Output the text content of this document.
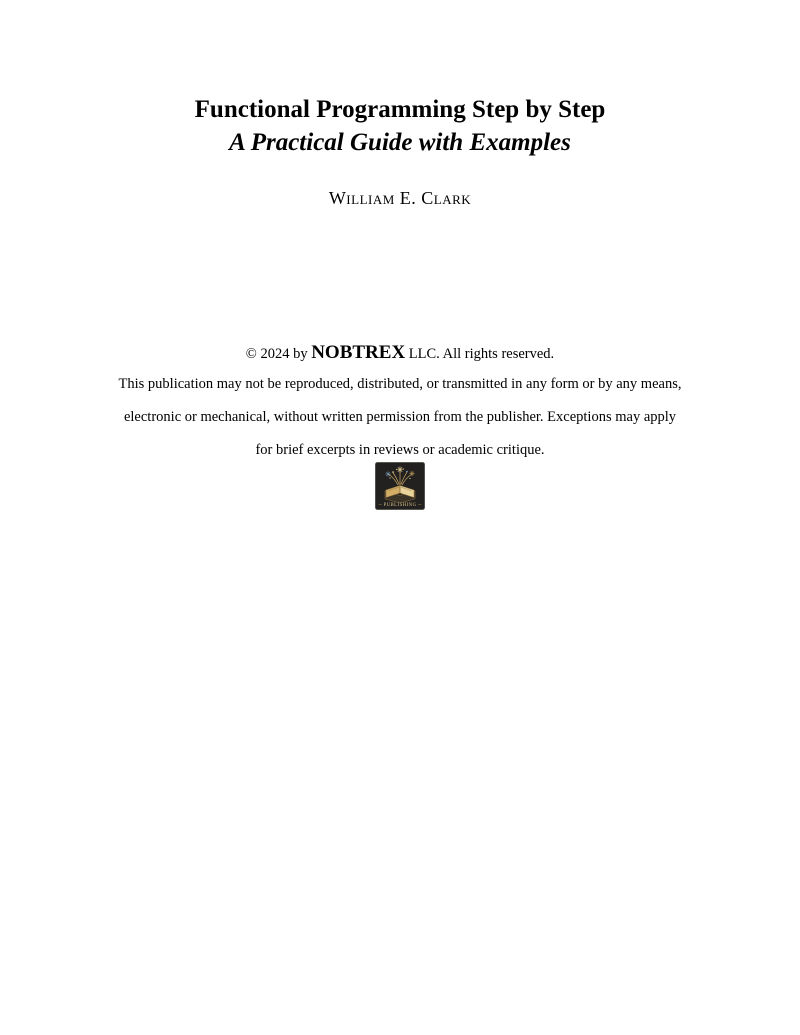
Functional Programming Step by Step
A Practical Guide with Examples
William E. Clark
© 2024 by NOBTREX LLC. All rights reserved.
This publication may not be reproduced, distributed, or transmitted in any form or by any means,
electronic or mechanical, without written permission from the publisher. Exceptions may apply
for brief excerpts in reviews or academic critique.
PUBLISHING
